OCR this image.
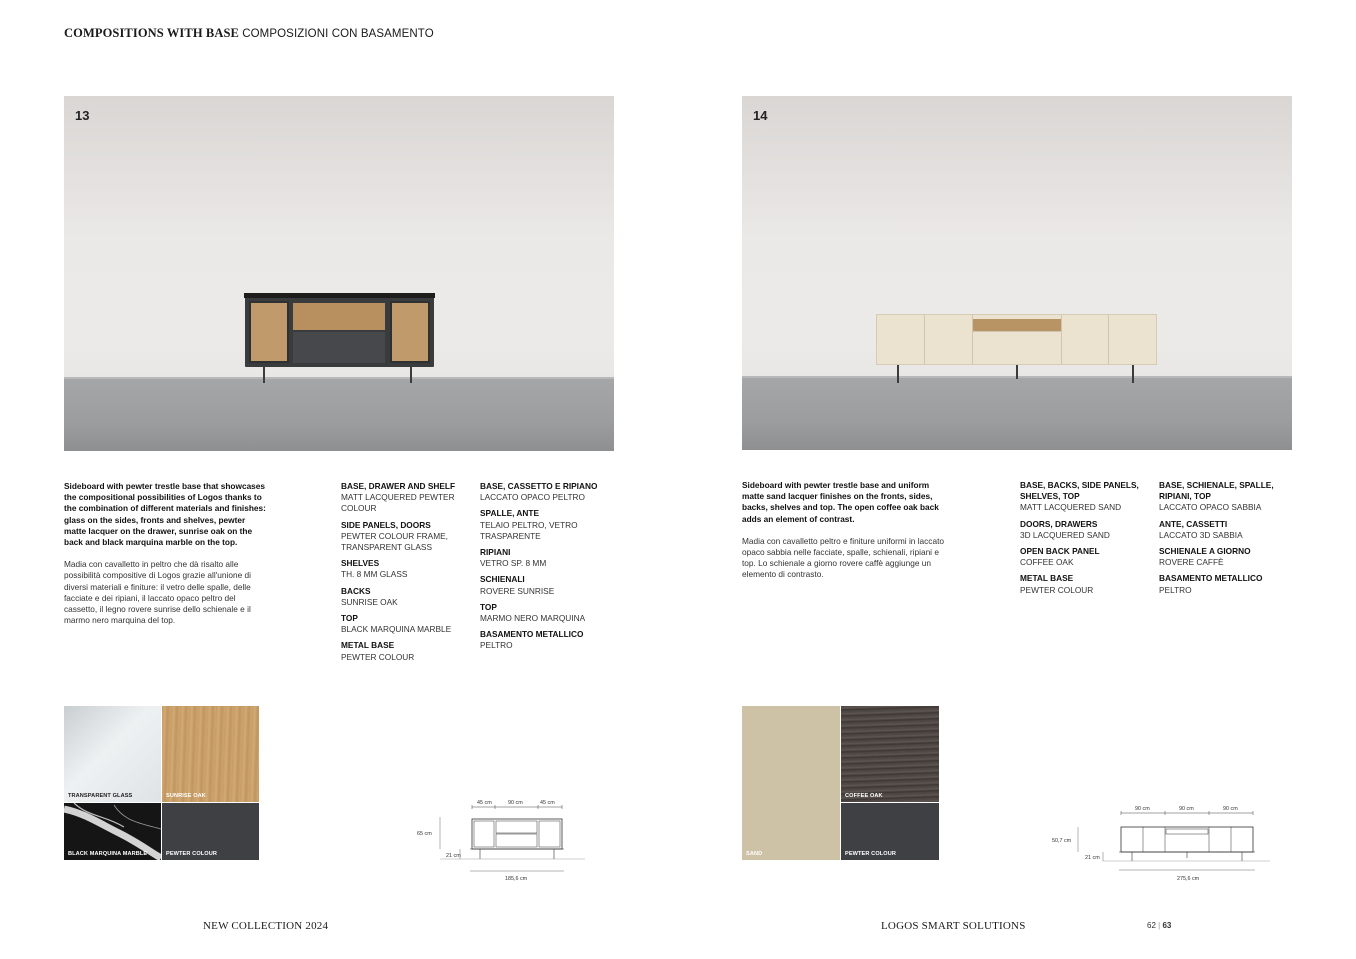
COMPOSITIONS WITH BASE COMPOSIZIONI CON BASAMENTO
13	14
Sideboard with pewter trestle base that showcases the compositional possibilities of Logos thanks to the combination of different materials and finishes: glass on the sides, fronts and shelves, pewter matte lacquer on the drawer, sunrise oak on the back and black marquina marble on the top.
Madia con cavalletto in peltro che dà risalto alle possibilità compositive di Logos grazie all'unione di diversi materiali e finiture: il vetro delle spalle, delle facciate e dei ripiani, il laccato opaco peltro del cassetto, il legno rovere sunrise dello schienale e il marmo nero marquina del top.
BASE, DRAWER AND SHELF
MATT LACQUERED PEWTER COLOUR
SIDE PANELS, DOORS
PEWTER COLOUR FRAME, TRANSPARENT GLASS
SHELVES
TH. 8 MM GLASS
BACKS
SUNRISE OAK
TOP
BLACK MARQUINA MARBLE
METAL BASE
PEWTER COLOUR
BASE, CASSETTO E RIPIANO
LACCATO OPACO PELTRO
SPALLE, ANTE
TELAIO PELTRO, VETRO TRASPARENTE
RIPIANI
VETRO SP. 8 MM
SCHIENALI
ROVERE SUNRISE
TOP
MARMO NERO MARQUINA
BASAMENTO METALLICO
PELTRO
Sideboard with pewter trestle base and uniform matte sand lacquer finishes on the fronts, sides, backs, shelves and top. The open coffee oak back adds an element of contrast.
Madia con cavalletto peltro e finiture uniformi in laccato opaco sabbia nelle facciate, spalle, schienali, ripiani e top. Lo schienale a giorno rovere caffè aggiunge un elemento di contrasto.
BASE, BACKS, SIDE PANELS, SHELVES, TOP
MATT LACQUERED SAND
DOORS, DRAWERS
3D LACQUERED SAND
OPEN BACK PANEL
COFFEE OAK
METAL BASE
PEWTER COLOUR
BASE, SCHIENALE, SPALLE, RIPIANI, TOP
LACCATO OPACO SABBIA
ANTE, CASSETTI
LACCATO 3D SABBIA
SCHIENALE A GIORNO
ROVERE CAFFÈ
BASAMENTO METALLICO
PELTRO
TRANSPARENT GLASS	SUNRISE OAK
BLACK MARQUINA MARBLE	PEWTER COLOUR	SAND
COFFEE OAK
PEWTER COLOUR
45 cm	90 cm	45 cm
65 cm
21 cm
185,6 cm
90 cm	90 cm	90 cm
50,7 cm
21 cm
275,6 cm
NEW COLLECTION 2024	LOGOS SMART SOLUTIONS	62 | 63
